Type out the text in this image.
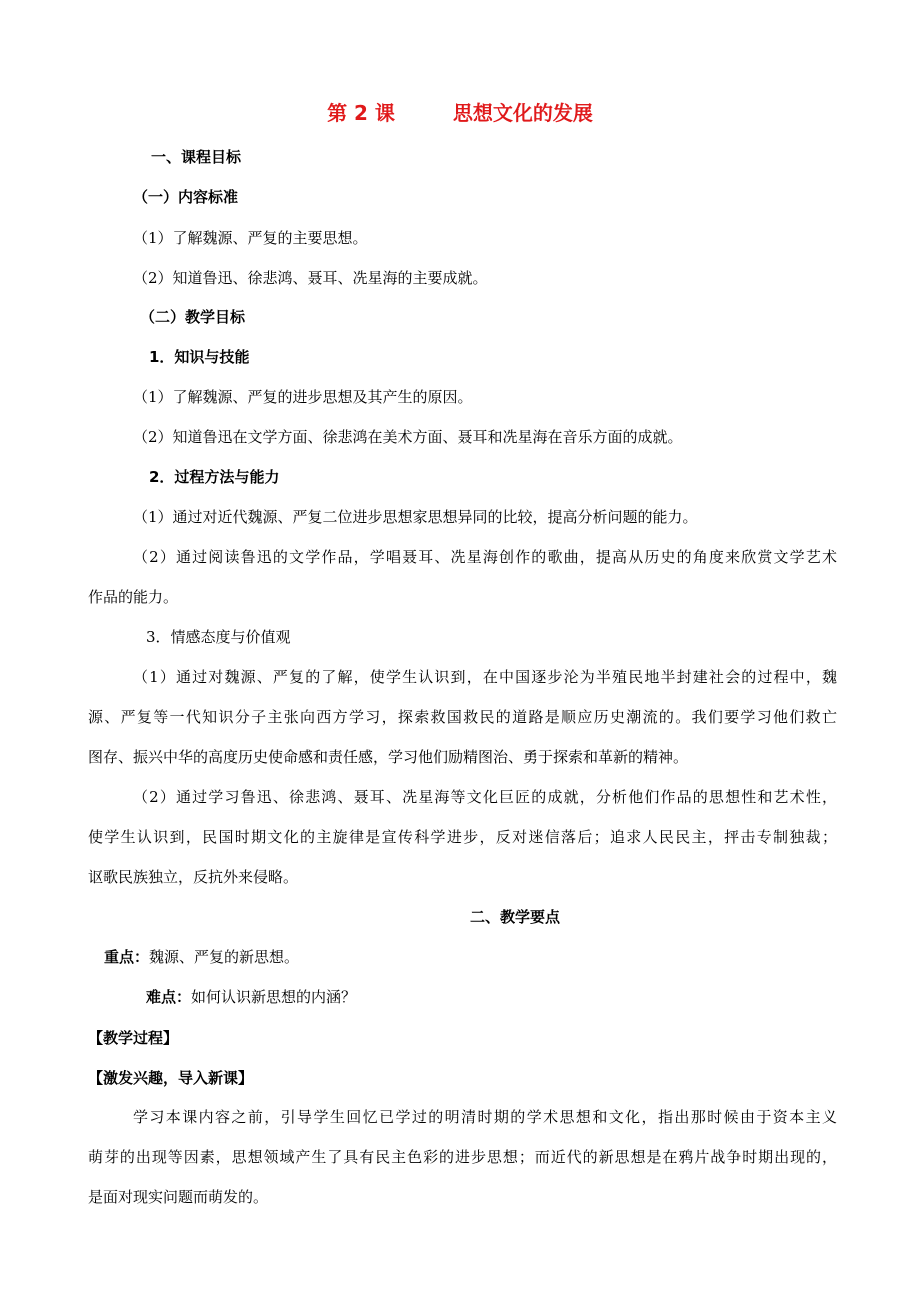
第 2 课	思想文化的发展
一、课程目标
（一）内容标准
（1）了解魏源、严复的主要思想。
（2）知道鲁迅、徐悲鸿、聂耳、冼星海的主要成就。
（二）教学目标
1．知识与技能
（1）了解魏源、严复的进步思想及其产生的原因。
（2）知道鲁迅在文学方面、徐悲鸿在美术方面、聂耳和冼星海在音乐方面的成就。
2．过程方法与能力
（1）通过对近代魏源、严复二位进步思想家思想异同的比较，提高分析问题的能力。
（2）通过阅读鲁迅的文学作品，学唱聂耳、冼星海创作的歌曲，提高从历史的角度来欣赏文学艺术
作品的能力。
3．情感态度与价值观
（1）通过对魏源、严复的了解，使学生认识到，在中国逐步沦为半殖民地半封建社会的过程中，魏
源、严复等一代知识分子主张向西方学习，探索救国救民的道路是顺应历史潮流的。我们要学习他们救亡
图存、振兴中华的高度历史使命感和责任感，学习他们励精图治、勇于探索和革新的精神。
（2）通过学习鲁迅、徐悲鸿、聂耳、冼星海等文化巨匠的成就，分析他们作品的思想性和艺术性，
使学生认识到，民国时期文化的主旋律是宣传科学进步，反对迷信落后；追求人民民主，抨击专制独裁；
讴歌民族独立，反抗外来侵略。
二、教学要点
重点：魏源、严复的新思想。
难点：如何认识新思想的内涵？
【教学过程】
【激发兴趣，导入新课】
学习本课内容之前，引导学生回忆已学过的明清时期的学术思想和文化，指出那时候由于资本主义
萌芽的出现等因素，思想领域产生了具有民主色彩的进步思想；而近代的新思想是在鸦片战争时期出现的，
是面对现实问题而萌发的。
